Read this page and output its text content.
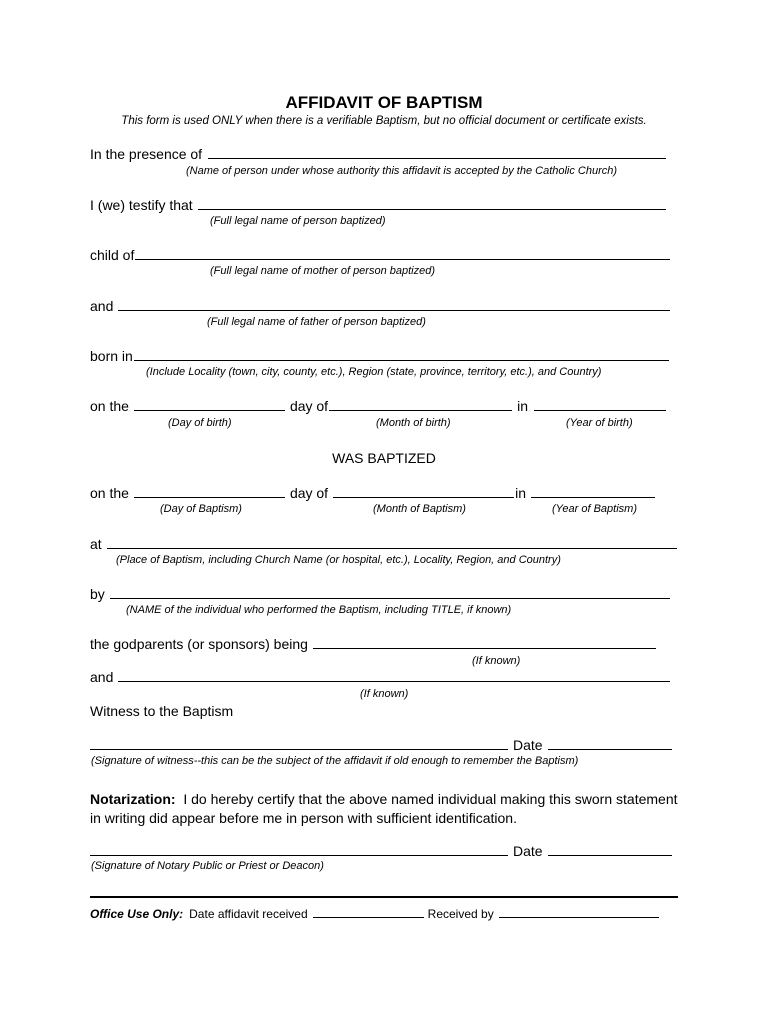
AFFIDAVIT OF BAPTISM
This form is used ONLY when there is a verifiable Baptism, but no official document or certificate exists.
In the presence of
(Name of person under whose authority this affidavit is accepted by the Catholic Church)
I (we) testify that
(Full legal name of person baptized)
child of
(Full legal name of mother of person baptized)
and
(Full legal name of father of person baptized)
born in
(Include Locality (town, city, county, etc.), Region (state, province, territory, etc.), and Country)
on the	day of	in
(Day of birth)	(Month of birth)	(Year of birth)
WAS BAPTIZED
on the	day of	in
(Day of Baptism)	(Month of Baptism)	(Year of Baptism)
at
(Place of Baptism, including Church Name (or hospital, etc.), Locality, Region, and Country)
by
(NAME of the individual who performed the Baptism, including TITLE, if known)
the godparents (or sponsors) being
(If known)
and
(If known)
Witness to the Baptism
Date
(Signature of witness--this can be the subject of the affidavit if old enough to remember the Baptism)
Notarization: I do hereby certify that the above named individual making this sworn statement in writing did appear before me in person with sufficient identification.
Date
(Signature of Notary Public or Priest or Deacon)
Office Use Only: Date affidavit received	Received by
